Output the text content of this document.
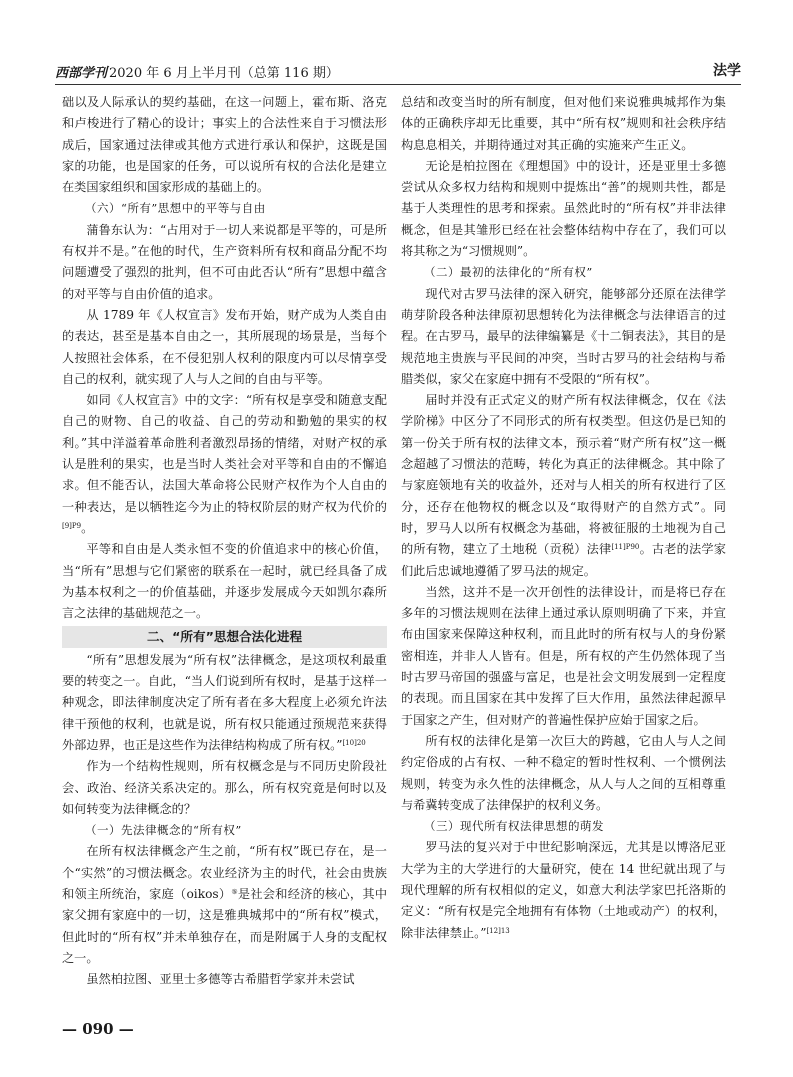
西部学刊 2020 年 6 月上半月刊（总第 116 期）	法学

础以及人际承认的契约基础，在这一问题上，霍布斯、洛克和卢梭进行了精心的设计；事实上的合法性来自于习惯法形成后，国家通过法律或其他方式进行承认和保护，这既是国家的功能，也是国家的任务，可以说所有权的合法化是建立在类国家组织和国家形成的基础上的。

（六）“所有”思想中的平等与自由

蒲鲁东认为：“占用对于一切人来说都是平等的，可是所有权并不是。”在他的时代，生产资料所有权和商品分配不均问题遭受了强烈的批判，但不可由此否认“所有”思想中蕴含的对平等与自由价值的追求。

从 1789 年《人权宣言》发布开始，财产成为人类自由的表达，甚至是基本自由之一，其所展现的场景是，当每个人按照社会体系，在不侵犯别人权利的限度内可以尽情享受自己的权利，就实现了人与人之间的自由与平等。

如同《人权宣言》中的文字：“所有权是享受和随意支配自己的财物、自己的收益、自己的劳动和勤勉的果实的权利。”其中洋溢着革命胜利者激烈昂扬的情绪，对财产权的承认是胜利的果实，也是当时人类社会对平等和自由的不懈追求。但不能否认，法国大革命将公民财产权作为个人自由的一种表达，是以牺牲迄今为止的特权阶层的财产权为代价的$^{[9]P9}$。

平等和自由是人类永恒不变的价值追求中的核心价值，当“所有”思想与它们紧密的联系在一起时，就已经具备了成为基本权利之一的价值基础，并逐步发展成今天如凯尔森所言之法律的基础规范之一。

二、“所有”思想合法化进程

“所有”思想发展为“所有权”法律概念，是这项权利最重要的转变之一。自此，“当人们说到所有权时，是基于这样一种观念，即法律制度决定了所有者在多大程度上必须允许法律干预他的权利，也就是说，所有权只能通过预规范来获得外部边界，也正是这些作为法律结构构成了所有权。”$^{[10]20}$

作为一个结构性规则，所有权概念是与不同历史阶段社会、政治、经济关系决定的。那么，所有权究竟是何时以及如何转变为法律概念的？

（一）先法律概念的“所有权”

在所有权法律概念产生之前，“所有权”既已存在，是一个“实然”的习惯法概念。农业经济为主的时代，社会由贵族和领主所统治，家庭（oikos）⑤是社会和经济的核心，其中家父拥有家庭中的一切，这是雅典城邦中的“所有权”模式，但此时的“所有权”并未单独存在，而是附属于人身的支配权之一。

虽然柏拉图、亚里士多德等古希腊哲学家并未尝试

总结和改变当时的所有制度，但对他们来说雅典城邦作为集体的正确秩序却无比重要，其中“所有权”规则和社会秩序结构息息相关，并期待通过对其正确的实施来产生正义。

无论是柏拉图在《理想国》中的设计，还是亚里士多德尝试从众多权力结构和规则中提炼出“善”的规则共性，都是基于人类理性的思考和探索。虽然此时的“所有权”并非法律概念，但是其雏形已经在社会整体结构中存在了，我们可以将其称之为“习惯规则”。

（二）最初的法律化的“所有权”

现代对古罗马法律的深入研究，能够部分还原在法律学萌芽阶段各种法律原初思想转化为法律概念与法律语言的过程。在古罗马，最早的法律编纂是《十二铜表法》，其目的是规范地主贵族与平民间的冲突，当时古罗马的社会结构与希腊类似，家父在家庭中拥有不受限的“所有权”。

届时并没有正式定义的财产所有权法律概念，仅在《法学阶梯》中区分了不同形式的所有权类型。但这仍是已知的第一份关于所有权的法律文本，预示着“财产所有权”这一概念超越了习惯法的范畴，转化为真正的法律概念。其中除了与家庭领地有关的收益外，还对与人相关的所有权进行了区分，还存在他物权的概念以及“取得财产的自然方式”。同时，罗马人以所有权概念为基础，将被征服的土地视为自己的所有物，建立了土地税（贡税）法律$^{[11]P90}$。古老的法学家们此后忠诚地遵循了罗马法的规定。

当然，这并不是一次开创性的法律设计，而是将已存在多年的习惯法规则在法律上通过承认原则明确了下来，并宣布由国家来保障这种权利，而且此时的所有权与人的身份紧密相连，并非人人皆有。但是，所有权的产生仍然体现了当时古罗马帝国的强盛与富足，也是社会文明发展到一定程度的表现。而且国家在其中发挥了巨大作用，虽然法律起源早于国家之产生，但对财产的普遍性保护应始于国家之后。

所有权的法律化是第一次巨大的跨越，它由人与人之间约定俗成的占有权、一种不稳定的暂时性权利、一个惯例法规则，转变为永久性的法律概念，从人与人之间的互相尊重与希冀转变成了法律保护的权利义务。

（三）现代所有权法律思想的萌发

罗马法的复兴对于中世纪影响深远，尤其是以博洛尼亚大学为主的大学进行的大量研究，使在 14 世纪就出现了与现代理解的所有权相似的定义，如意大利法学家巴托洛斯的定义：“所有权是完全地拥有有体物（土地或动产）的权利，除非法律禁止。”$^{[12]13}$

— 090 —
